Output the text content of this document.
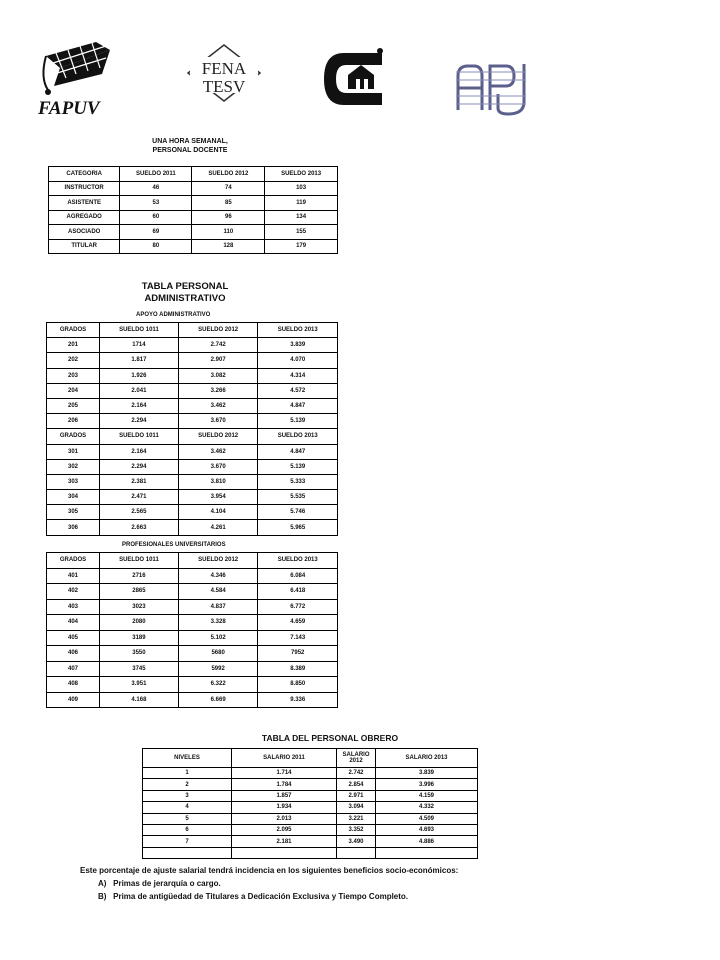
FAPUV
FENA
TESV
UNA HORA SEMANAL,
PERSONAL DOCENTE
CATEGORIA	SUELDO 2011	SUELDO 2012	SUELDO 2013
INSTRUCTOR	46	74	103
ASISTENTE	53	85	119
AGREGADO	60	96	134
ASOCIADO	69	110	155
TITULAR	80	128	179
TABLA PERSONAL
ADMINISTRATIVO
APOYO ADMINISTRATIVO
GRADOS	SUELDO 1011	SUELDO 2012	SUELDO 2013
201	1714	2.742	3.839
202	1.817	2.907	4.070
203	1.926	3.082	4.314
204	2.041	3.266	4.572
205	2.164	3.462	4.847
206	2.294	3.670	5.139
GRADOS	SUELDO 1011	SUELDO 2012	SUELDO 2013
301	2.164	3.462	4.847
302	2.294	3.670	5.139
303	2.381	3.810	5.333
304	2.471	3.954	5.535
305	2.565	4.104	5.746
306	2.663	4.261	5.965
PROFESIONALES UNIVERSITARIOS
GRADOS	SUELDO 1011	SUELDO 2012	SUELDO 2013
401	2716	4.346	6.084
402	2865	4.584	6.418
403	3023	4.837	6.772
404	2080	3.328	4.659
405	3189	5.102	7.143
406	3550	5680	7952
407	3745	5992	8.389
408	3.951	6.322	8.850
409	4.168	6.669	9.336
TABLA DEL PERSONAL OBRERO
NIVELES	SALARIO 2011	SALARIO 2012	SALARIO 2013
1	1.714	2.742	3.839
2	1.784	2.854	3.996
3	1.857	2.971	4.159
4	1.934	3.094	4.332
5	2.013	3.221	4.509
6	2.095	3.352	4.693
7	2.181	3.490	4.886

Este porcentaje de ajuste salarial tendrá incidencia en los siguientes beneficios socio-económicos:
A) Primas de jerarquía o cargo.
B) Prima de antigüedad de Titulares a Dedicación Exclusiva y Tiempo Completo.
